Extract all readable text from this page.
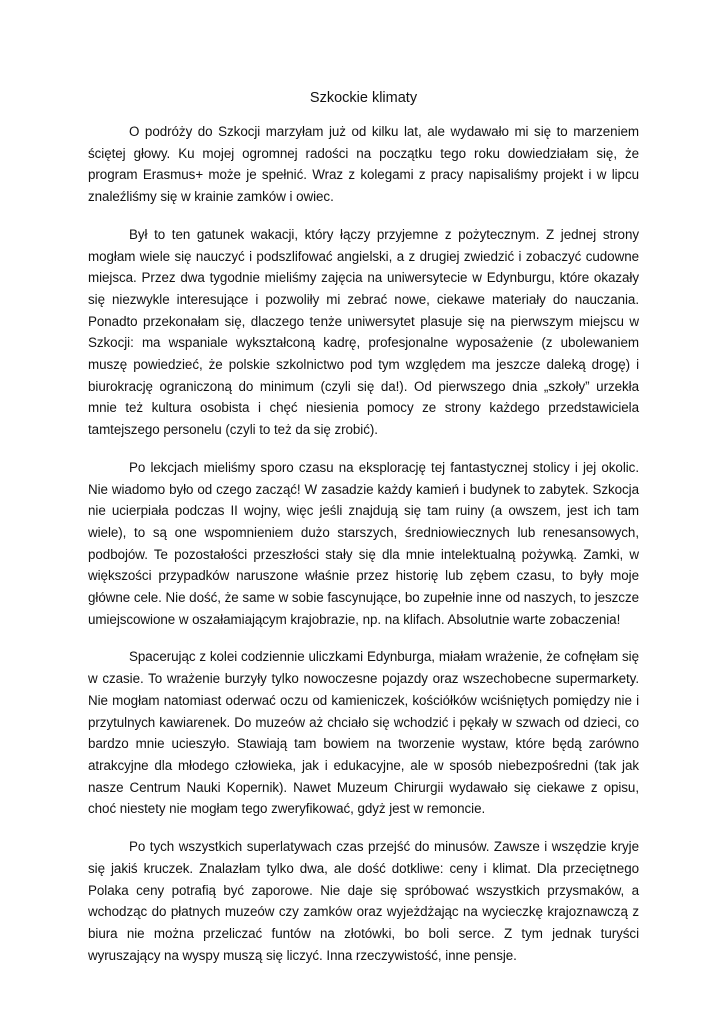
Szkockie klimaty

O podróży do Szkocji marzyłam już od kilku lat, ale wydawało mi się to marzeniem ściętej głowy. Ku mojej ogromnej radości na początku tego roku dowiedziałam się, że program Erasmus+ może je spełnić. Wraz z kolegami z pracy napisaliśmy projekt i w lipcu znaleźliśmy się w krainie zamków i owiec.

Był to ten gatunek wakacji, który łączy przyjemne z pożytecznym. Z jednej strony mogłam wiele się nauczyć i podszlifować angielski, a z drugiej zwiedzić i zobaczyć cudowne miejsca. Przez dwa tygodnie mieliśmy zajęcia na uniwersytecie w Edynburgu, które okazały się niezwykle interesujące i pozwoliły mi zebrać nowe, ciekawe materiały do nauczania. Ponadto przekonałam się, dlaczego tenże uniwersytet plasuje się na pierwszym miejscu w Szkocji: ma wspaniale wykształconą kadrę, profesjonalne wyposażenie (z ubolewaniem muszę powiedzieć, że polskie szkolnictwo pod tym względem ma jeszcze daleką drogę) i biurokrację ograniczoną do minimum (czyli się da!). Od pierwszego dnia „szkoły” urzekła mnie też kultura osobista i chęć niesienia pomocy ze strony każdego przedstawiciela tamtejszego personelu (czyli to też da się zrobić).

Po lekcjach mieliśmy sporo czasu na eksplorację tej fantastycznej stolicy i jej okolic. Nie wiadomo było od czego zacząć! W zasadzie każdy kamień i budynek to zabytek. Szkocja nie ucierpiała podczas II wojny, więc jeśli znajdują się tam ruiny (a owszem, jest ich tam wiele), to są one wspomnieniem dużo starszych, średniowiecznych lub renesansowych, podbojów. Te pozostałości przeszłości stały się dla mnie intelektualną pożywką. Zamki, w większości przypadków naruszone właśnie przez historię lub zębem czasu, to były moje główne cele. Nie dość, że same w sobie fascynujące, bo zupełnie inne od naszych, to jeszcze umiejscowione w oszałamiającym krajobrazie, np. na klifach. Absolutnie warte zobaczenia!

Spacerując z kolei codziennie uliczkami Edynburga, miałam wrażenie, że cofnęłam się w czasie. To wrażenie burzyły tylko nowoczesne pojazdy oraz wszechobecne supermarkety. Nie mogłam natomiast oderwać oczu od kamieniczek, kościółków wciśniętych pomiędzy nie i przytulnych kawiarenek. Do muzeów aż chciało się wchodzić i pękały w szwach od dzieci, co bardzo mnie ucieszyło. Stawiają tam bowiem na tworzenie wystaw, które będą zarówno atrakcyjne dla młodego człowieka, jak i edukacyjne, ale w sposób niebezpośredni (tak jak nasze Centrum Nauki Kopernik). Nawet Muzeum Chirurgii wydawało się ciekawe z opisu, choć niestety nie mogłam tego zweryfikować, gdyż jest w remoncie.

Po tych wszystkich superlatywach czas przejść do minusów. Zawsze i wszędzie kryje się jakiś kruczek. Znalazłam tylko dwa, ale dość dotkliwe: ceny i klimat. Dla przeciętnego Polaka ceny potrafią być zaporowe. Nie daje się spróbować wszystkich przysmaków, a wchodząc do płatnych muzeów czy zamków oraz wyjeżdżając na wycieczkę krajoznawczą z biura nie można przeliczać funtów na złotówki, bo boli serce. Z tym jednak turyści wyruszający na wyspy muszą się liczyć. Inna rzeczywistość, inne pensje.
